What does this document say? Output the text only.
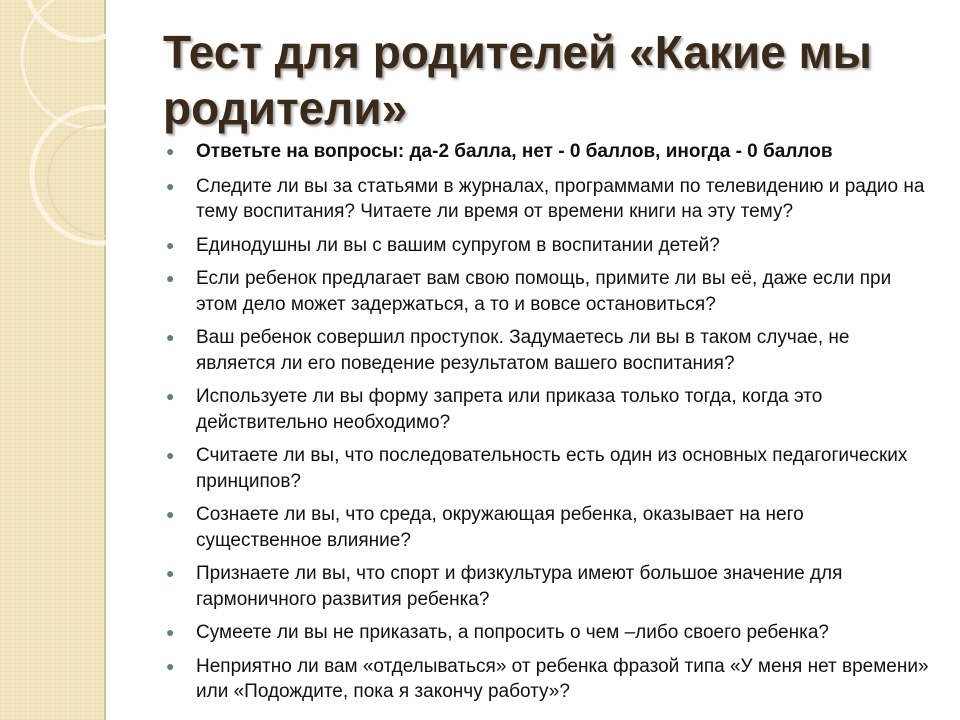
Тест для родителей «Какие мы родители»
● Ответьте на вопросы: да-2 балла, нет - 0 баллов, иногда - 0 баллов
● Следите ли вы за статьями в журналах, программами по телевидению и радио на тему воспитания? Читаете ли время от времени книги на эту тему?
● Единодушны ли вы с вашим супругом в воспитании детей?
● Если ребенок предлагает вам свою помощь, примите ли вы её, даже если при этом дело может задержаться, а то и вовсе остановиться?
● Ваш ребенок совершил проступок. Задумаетесь ли вы в таком случае, не является ли его поведение результатом вашего воспитания?
● Используете ли вы форму запрета или приказа только тогда, когда это действительно необходимо?
● Считаете ли вы, что последовательность есть один из основных педагогических принципов?
● Сознаете ли вы, что среда, окружающая ребенка, оказывает на него существенное влияние?
● Признаете ли вы, что спорт и физкультура имеют большое значение для гармоничного развития ребенка?
● Сумеете ли вы не приказать, а попросить о чем –либо своего ребенка?
● Неприятно ли вам «отделываться» от ребенка фразой типа «У меня нет времени» или «Подождите, пока я закончу работу»?
